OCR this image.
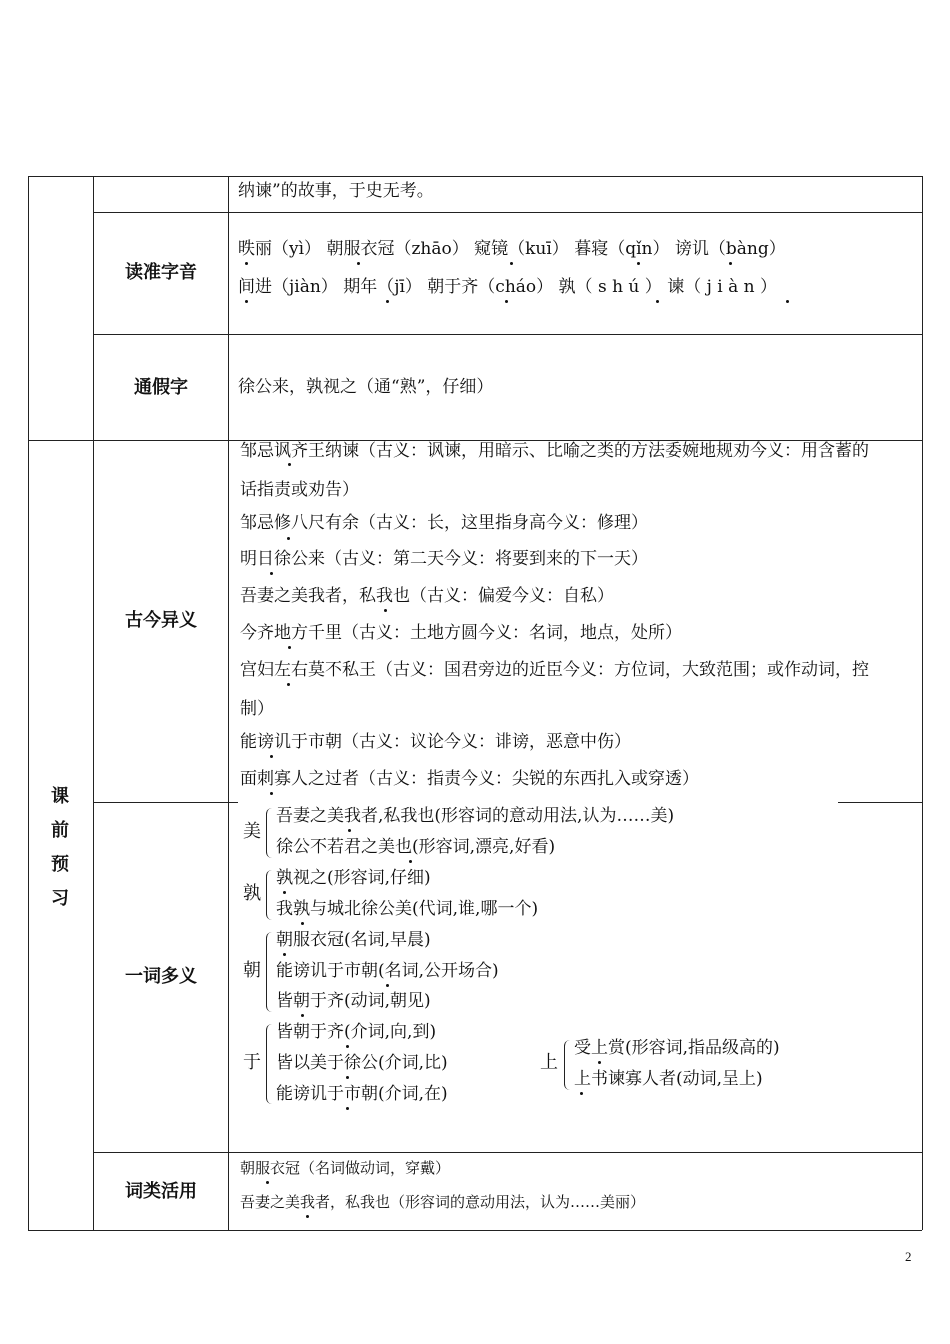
纳谏”的故事，于史无考。
读准字音
昳丽（yì） 朝服衣冠（zhāo） 窥镜（kuī） 暮寝（qǐn） 谤讥（bàng）
间进（jiàn） 期年（jī） 朝于齐（cháo） 孰（ s h ú ） 谏（ j i à n ）
通假字	徐公来，孰视之（通“熟”，仔细）
课
前
预
习
古今异义
邹忌讽齐王纳谏（古义：讽谏，用暗示、比喻之类的方法委婉地规劝今义：用含蓄的
话指责或劝告）
邹忌修八尺有余（古义：长，这里指身高今义：修理）
明日徐公来（古义：第二天今义：将要到来的下一天）
吾妻之美我者，私我也（古义：偏爱今义：自私）
今齐地方千里（古义：土地方圆今义：名词，地点，处所）
宫妇左右莫不私王（古义：国君旁边的近臣今义：方位词，大致范围；或作动词，控
制）
能谤讥于市朝（古义：议论今义：诽谤，恶意中伤）
面刺寡人之过者（古义：指责今义：尖锐的东西扎入或穿透）
一词多义
美
吾妻之美我者,私我也(形容词的意动用法,认为……美)
徐公不若君之美也(形容词,漂亮,好看)
孰
孰视之(形容词,仔细)
我孰与城北徐公美(代词,谁,哪一个)
朝
朝服衣冠(名词,早晨)
能谤讥于市朝(名词,公开场合)
皆朝于齐(动词,朝见)
于
皆朝于齐(介词,向,到)
皆以美于徐公(介词,比)
能谤讥于市朝(介词,在)
上
受上赏(形容词,指品级高的)
上书谏寡人者(动词,呈上)
词类活用
朝服衣冠（名词做动词，穿戴）
吾妻之美我者，私我也（形容词的意动用法，认为……美丽）
2
